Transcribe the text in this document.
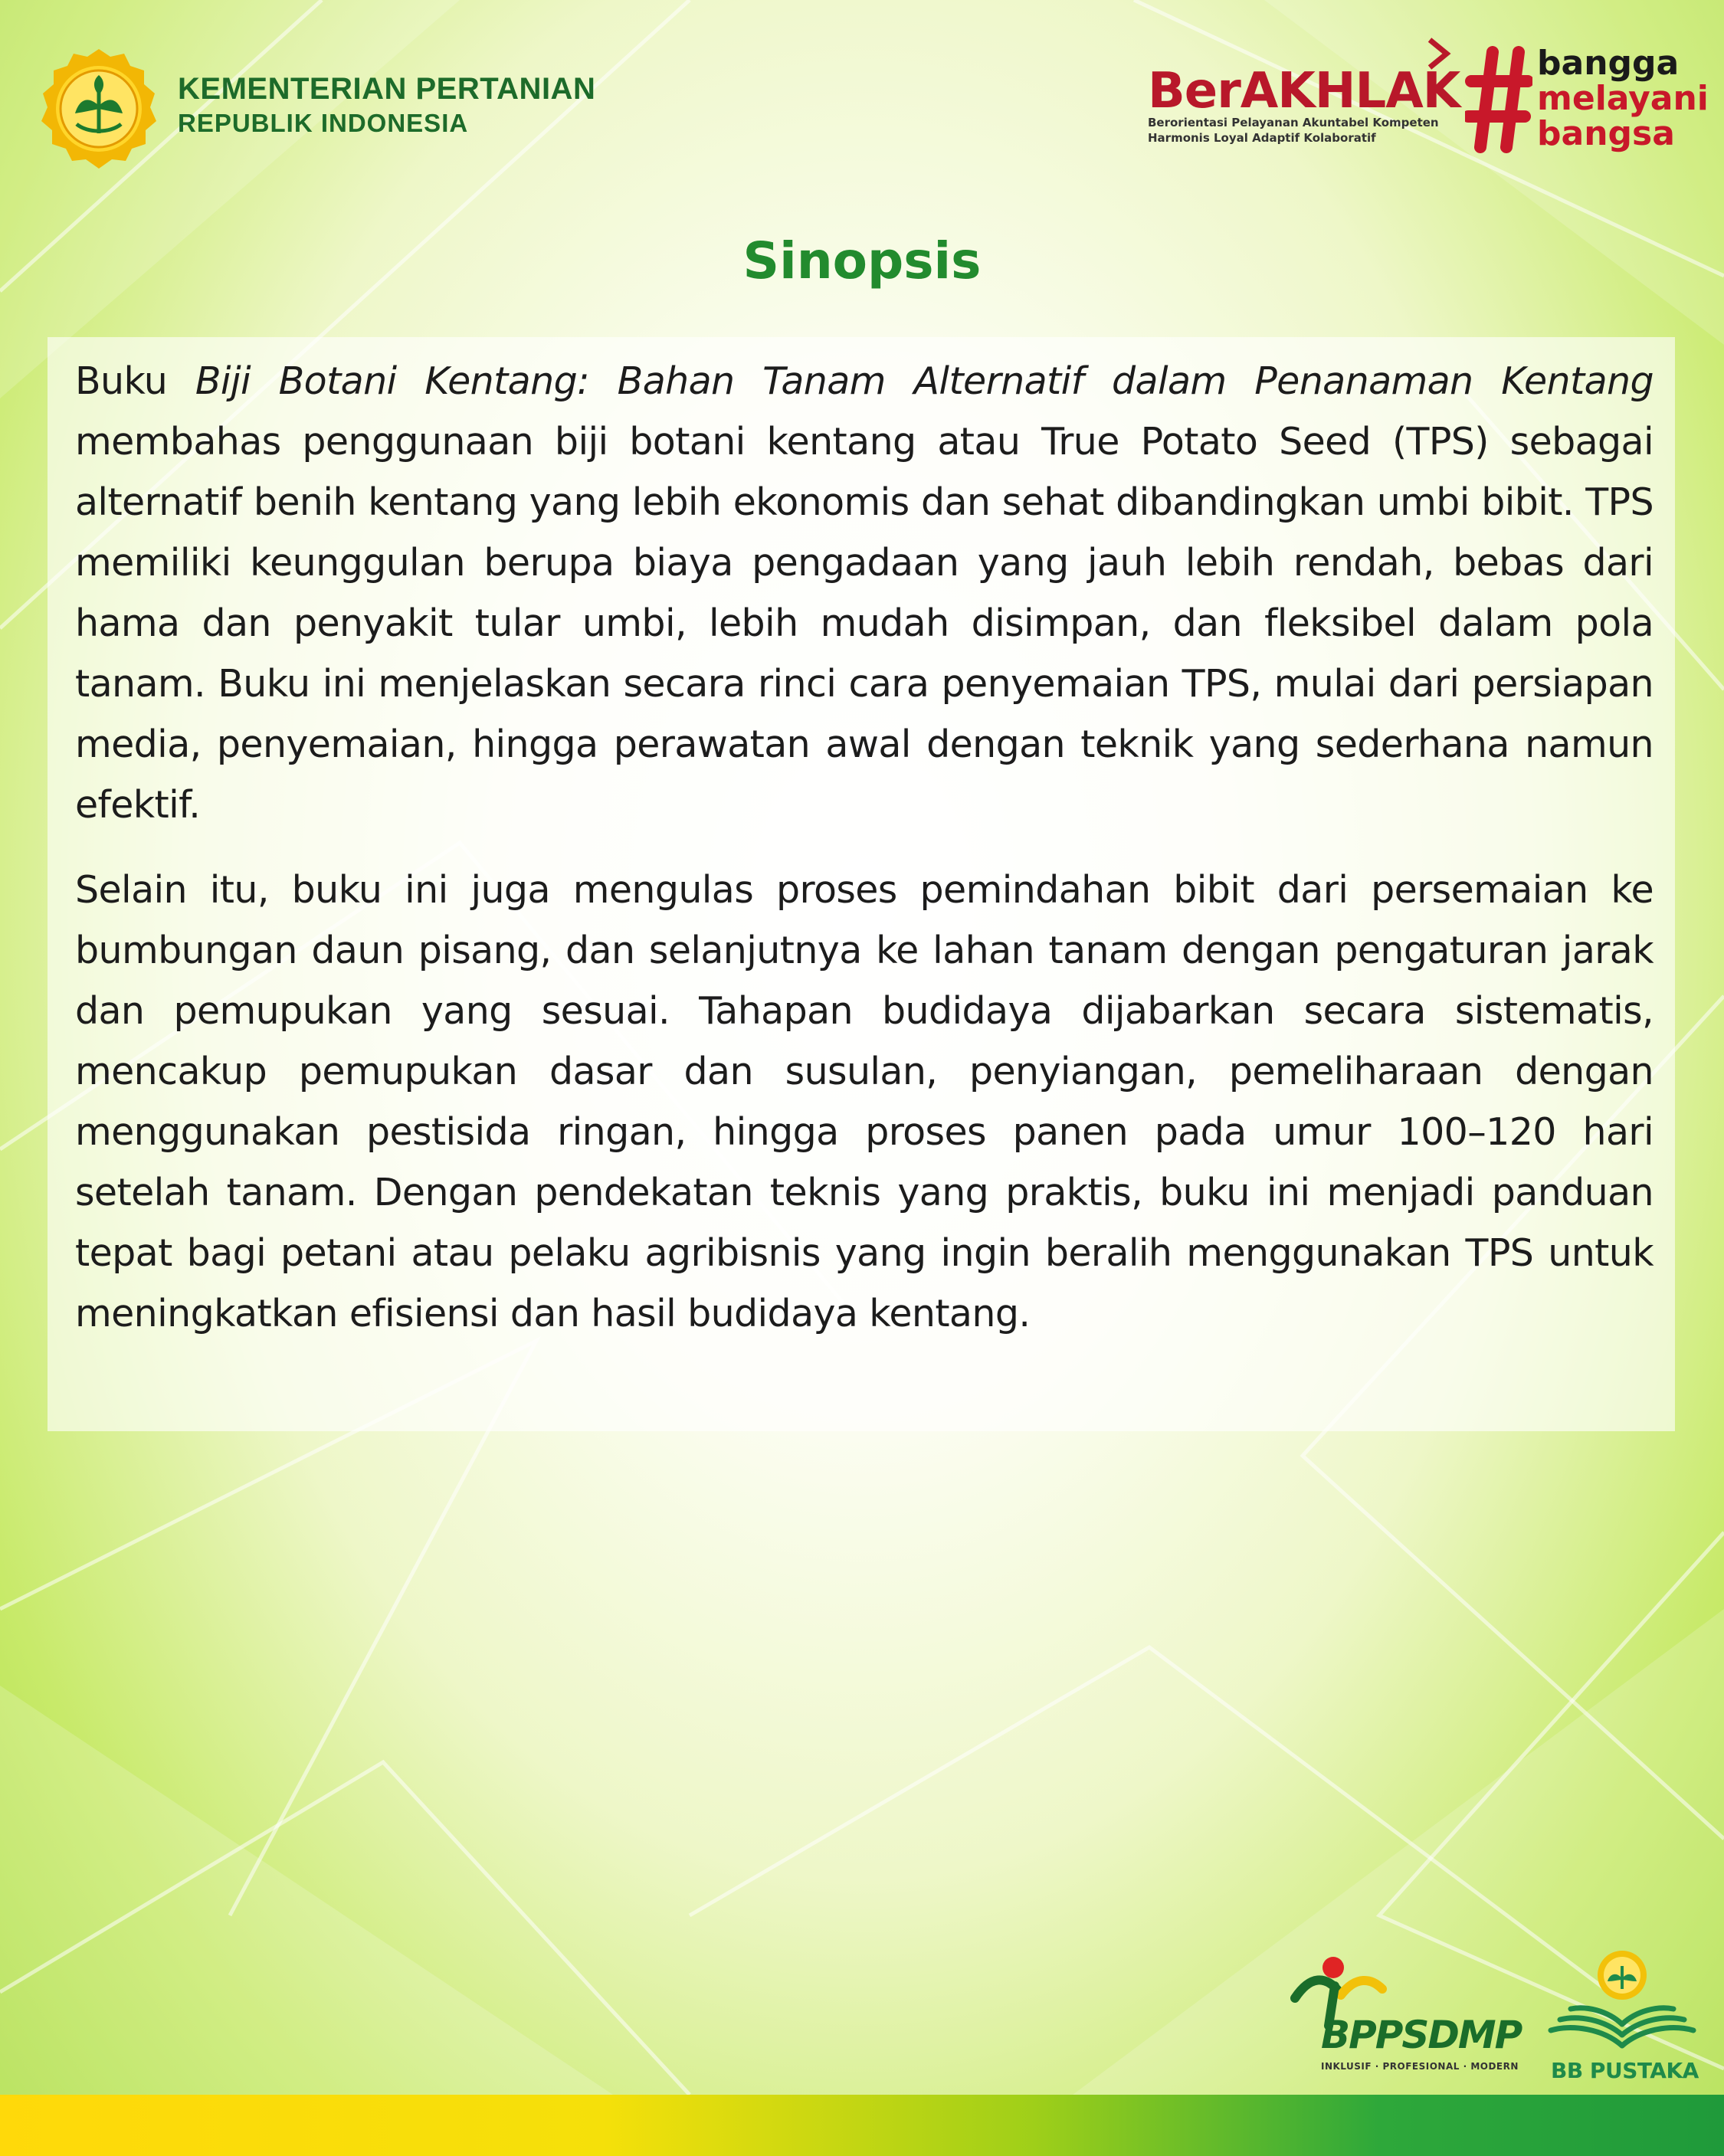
KEMENTERIAN PERTANIAN
REPUBLIK INDONESIA
BerAKHLAK
Berorientasi Pelayanan Akuntabel Kompeten
Harmonis Loyal Adaptif Kolaboratif
bangga
melayani
bangsa
Sinopsis

Buku Biji Botani Kentang: Bahan Tanam Alternatif dalam Penanaman Kentang membahas penggunaan biji botani kentang atau True Potato Seed (TPS) sebagai alternatif benih kentang yang lebih ekonomis dan sehat dibandingkan umbi bibit. TPS memiliki keunggulan berupa biaya pengadaan yang jauh lebih rendah, bebas dari hama dan penyakit tular umbi, lebih mudah disimpan, dan fleksibel dalam pola tanam. Buku ini menjelaskan secara rinci cara penyemaian TPS, mulai dari persiapan media, penyemaian, hingga perawatan awal dengan teknik yang sederhana namun efektif.

Selain itu, buku ini juga mengulas proses pemindahan bibit dari persemaian ke bumbungan daun pisang, dan selanjutnya ke lahan tanam dengan pengaturan jarak dan pemupukan yang sesuai. Tahapan budidaya dijabarkan secara sistematis, mencakup pemupukan dasar dan susulan, penyiangan, pemeliharaan dengan menggunakan pestisida ringan, hingga proses panen pada umur 100–120 hari setelah tanam. Dengan pendekatan teknis yang praktis, buku ini menjadi panduan tepat bagi petani atau pelaku agribisnis yang ingin beralih menggunakan TPS untuk meningkatkan efisiensi dan hasil budidaya kentang.

BPPSDMP
INKLUSIF · PROFESIONAL · MODERN BB PUSTAKA
